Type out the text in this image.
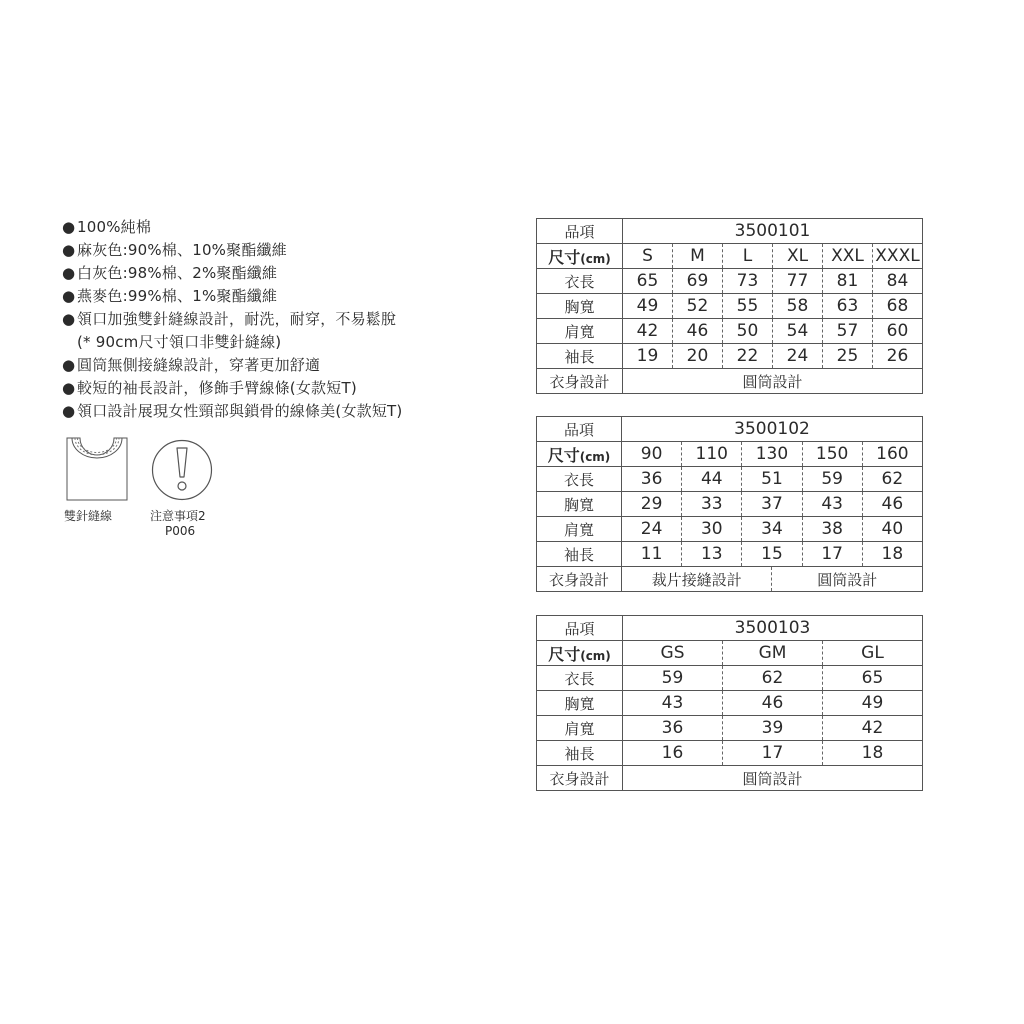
● 100%純棉
● 麻灰色:90%棉、10%聚酯纖維
● 白灰色:98%棉、2%聚酯纖維
● 燕麥色:99%棉、1%聚酯纖維
● 領口加強雙針縫線設計，耐洗，耐穿，不易鬆脫
(* 90cm尺寸領口非雙針縫線)
● 圓筒無側接縫線設計，穿著更加舒適
● 較短的袖長設計，修飾手臂線條(女款短T)
● 領口設計展現女性頸部與鎖骨的線條美(女款短T)
雙針縫線	注意事項2
P006
品項	3500101					
尺寸(cm)	S	M	L	XL	XXL	XXXL
衣長	65	69	73	77	81	84
胸寬	49	52	55	58	63	68
肩寬	42	46	50	54	57	60
袖長	19	20	22	24	25	26
衣身設計	圓筒設計					
品項	3500102					
尺寸(cm)	90	110	130		150	160
衣長	36	44	51		59	62
胸寬	29	33	37		43	46
肩寬	24	30	34		38	40
袖長	11	13	15		17	18
衣身設計	裁片接縫設計			圓筒設計		
品項	3500103		
尺寸(cm)	GS	GM	GL
衣長	59	62	65
胸寬	43	46	49
肩寬	36	39	42
袖長	16	17	18
衣身設計	圓筒設計		
